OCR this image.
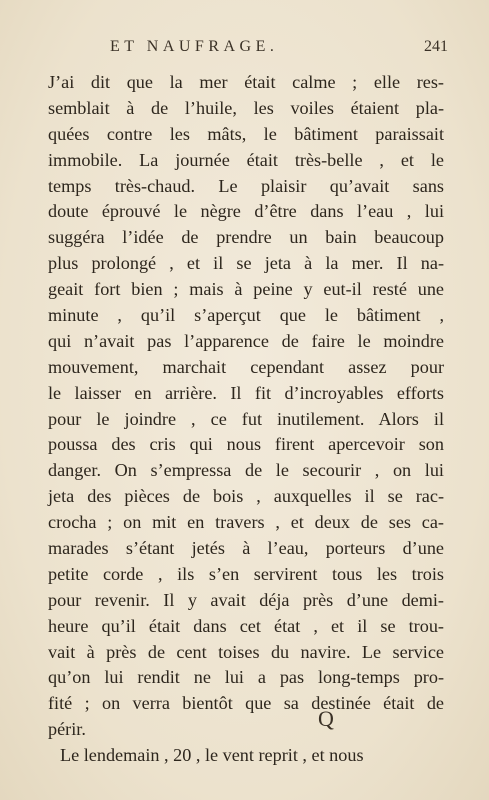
ET NAUFRAGE.	241
J’ai dit que la mer était calme ; elle res-
semblait à de l’huile, les voiles étaient pla-
quées contre les mâts, le bâtiment paraissait
immobile. La journée était très-belle , et le
temps très-chaud. Le plaisir qu’avait sans
doute éprouvé le nègre d’être dans l’eau , lui
suggéra l’idée de prendre un bain beaucoup
plus prolongé , et il se jeta à la mer. Il na-
geait fort bien ; mais à peine y eut-il resté une
minute , qu’il s’aperçut que le bâtiment ,
qui n’avait pas l’apparence de faire le moindre
mouvement, marchait cependant assez pour
le laisser en arrière. Il fit d’incroyables efforts
pour le joindre , ce fut inutilement. Alors il
poussa des cris qui nous firent apercevoir son
danger. On s’empressa de le secourir , on lui
jeta des pièces de bois , auxquelles il se rac-
crocha ; on mit en travers , et deux de ses ca-
marades s’étant jetés à l’eau, porteurs d’une
petite corde , ils s’en servirent tous les trois
pour revenir. Il y avait déja près d’une demi-
heure qu’il était dans cet état , et il se trou-
vait à près de cent toises du navire. Le service
qu’on lui rendit ne lui a pas long-temps pro-
fité ; on verra bientôt que sa destinée était de
périr.
Le lendemain , 20 , le vent reprit , et nous
Q
